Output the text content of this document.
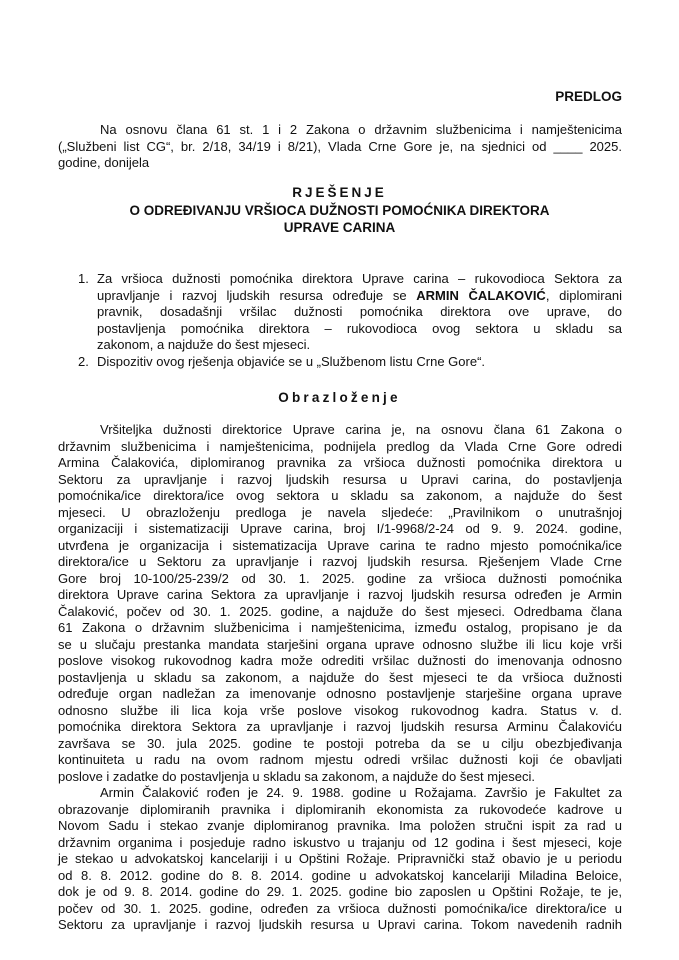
PREDLOG
Na osnovu člana 61 st. 1 i 2 Zakona o državnim službenicima i namještenicima
(„Službeni list CG“, br. 2/18, 34/19 i 8/21), Vlada Crne Gore je, na sjednici od ____ 2025.
godine, donijela
RJEŠENJE
O ODREĐIVANJU VRŠIOCA DUŽNOSTI POMOĆNIKA DIREKTORA
UPRAVE CARINA
1. Za vršioca dužnosti pomoćnika direktora Uprave carina – rukovodioca Sektora za
upravljanje i razvoj ljudskih resursa određuje se ARMIN ČALAKOVIĆ, diplomirani
pravnik, dosadašnji vršilac dužnosti pomoćnika direktora ove uprave, do
postavljenja pomoćnika direktora – rukovodioca ovog sektora u skladu sa
zakonom, a najduže do šest mjeseci.
2. Dispozitiv ovog rješenja objaviće se u „Službenom listu Crne Gore“.
Obrazloženje
Vršiteljka dužnosti direktorice Uprave carina je, na osnovu člana 61 Zakona o
državnim službenicima i namještenicima, podnijela predlog da Vlada Crne Gore odredi
Armina Čalakovića, diplomiranog pravnika za vršioca dužnosti pomoćnika direktora u
Sektoru za upravljanje i razvoj ljudskih resursa u Upravi carina, do postavljenja
pomoćnika/ice direktora/ice ovog sektora u skladu sa zakonom, a najduže do šest
mjeseci. U obrazloženju predloga je navela sljedeće: „Pravilnikom o unutrašnjoj
organizaciji i sistematizaciji Uprave carina, broj I/1-9968/2-24 od 9. 9. 2024. godine,
utvrđena je organizacija i sistematizacija Uprave carina te radno mjesto pomoćnika/ice
direktora/ice u Sektoru za upravljanje i razvoj ljudskih resursa. Rješenjem Vlade Crne
Gore broj 10-100/25-239/2 od 30. 1. 2025. godine za vršioca dužnosti pomoćnika
direktora Uprave carina Sektora za upravljanje i razvoj ljudskih resursa određen je Armin
Čalaković, počev od 30. 1. 2025. godine, a najduže do šest mjeseci. Odredbama člana
61 Zakona o državnim službenicima i namještenicima, između ostalog, propisano je da
se u slučaju prestanka mandata starješini organa uprave odnosno službe ili licu koje vrši
poslove visokog rukovodnog kadra može odrediti vršilac dužnosti do imenovanja odnosno
postavljenja u skladu sa zakonom, a najduže do šest mjeseci te da vršioca dužnosti
određuje organ nadležan za imenovanje odnosno postavljenje starješine organa uprave
odnosno službe ili lica koja vrše poslove visokog rukovodnog kadra. Status v. d.
pomoćnika direktora Sektora za upravljanje i razvoj ljudskih resursa Arminu Čalakoviću
završava se 30. jula 2025. godine te postoji potreba da se u cilju obezbjeđivanja
kontinuiteta u radu na ovom radnom mjestu odredi vršilac dužnosti koji će obavljati
poslove i zadatke do postavljenja u skladu sa zakonom, a najduže do šest mjeseci.
Armin Čalaković rođen je 24. 9. 1988. godine u Rožajama. Završio je Fakultet za
obrazovanje diplomiranih pravnika i diplomiranih ekonomista za rukovodeće kadrove u
Novom Sadu i stekao zvanje diplomiranog pravnika. Ima položen stručni ispit za rad u
državnim organima i posjeduje radno iskustvo u trajanju od 12 godina i šest mjeseci, koje
je stekao u advokatskoj kancelariji i u Opštini Rožaje. Pripravnički staž obavio je u periodu
od 8. 8. 2012. godine do 8. 8. 2014. godine u advokatskoj kancelariji Miladina Beloice,
dok je od 9. 8. 2014. godine do 29. 1. 2025. godine bio zaposlen u Opštini Rožaje, te je,
počev od 30. 1. 2025. godine, određen za vršioca dužnosti pomoćnika/ice direktora/ice u
Sektoru za upravljanje i razvoj ljudskih resursa u Upravi carina. Tokom navedenih radnih
